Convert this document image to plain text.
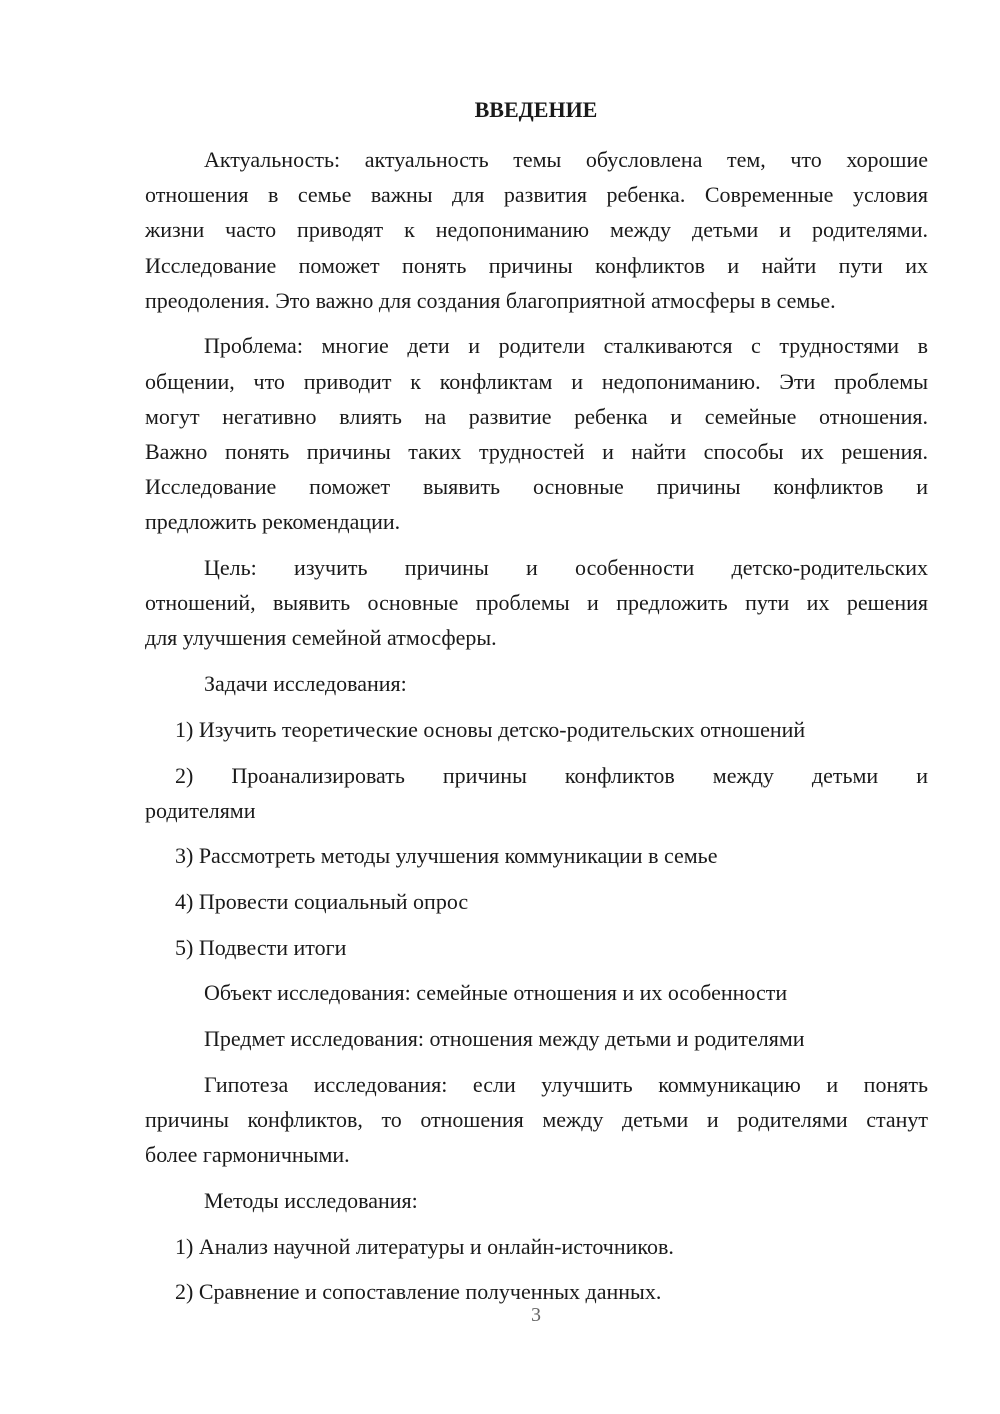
ВВЕДЕНИЕ
Актуальность: актуальность темы обусловлена тем, что хорошие
отношения в семье важны для развития ребенка. Современные условия
жизни часто приводят к недопониманию между детьми и родителями.
Исследование поможет понять причины конфликтов и найти пути их
преодоления. Это важно для создания благоприятной атмосферы в семье.
Проблема: многие дети и родители сталкиваются с трудностями в
общении, что приводит к конфликтам и недопониманию. Эти проблемы
могут негативно влиять на развитие ребенка и семейные отношения.
Важно понять причины таких трудностей и найти способы их решения.
Исследование поможет выявить основные причины конфликтов и
предложить рекомендации.
Цель: изучить причины и особенности детско-родительских
отношений, выявить основные проблемы и предложить пути их решения
для улучшения семейной атмосферы.
Задачи исследования:
1) Изучить теоретические основы детско-родительских отношений
2) Проанализировать причины конфликтов между детьми и
родителями
3) Рассмотреть методы улучшения коммуникации в семье
4) Провести социальный опрос
5) Подвести итоги
Объект исследования: семейные отношения и их особенности
Предмет исследования: отношения между детьми и родителями
Гипотеза исследования: если улучшить коммуникацию и понять
причины конфликтов, то отношения между детьми и родителями станут
более гармоничными.
Методы исследования:
1) Анализ научной литературы и онлайн-источников.
2) Сравнение и сопоставление полученных данных.
3
